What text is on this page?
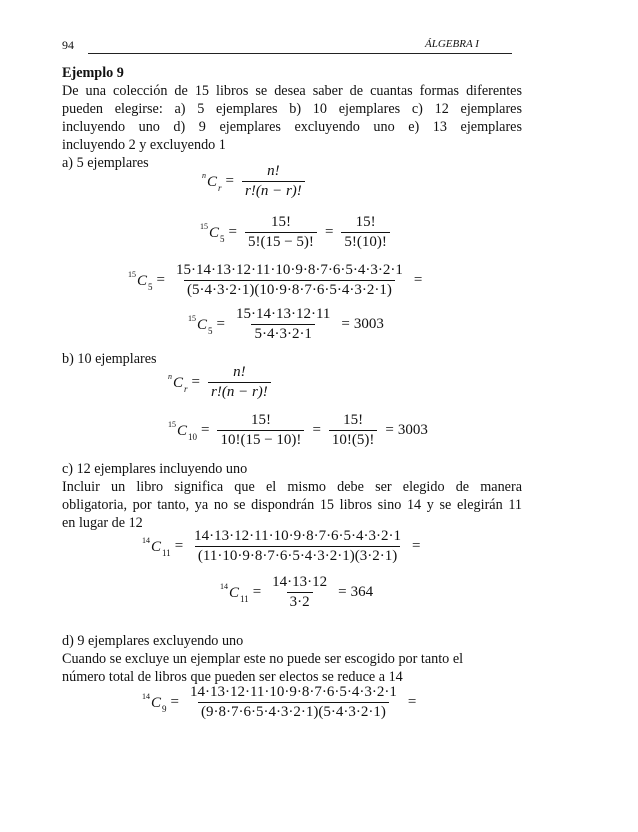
94	ÁLGEBRA I

Ejemplo 9

De una colección de 15 libros se desea saber de cuantas formas diferentes

pueden elegirse: a) 5 ejemplares b) 10 ejemplares c) 12 ejemplares

incluyendo uno d) 9 ejemplares excluyendo uno e) 13 ejemplares

incluyendo 2 y excluyendo 1

a) 5 ejemplares

$^nC_r = \frac{n!}{r!(n - r)!}$
$^{15}C_5 = \frac{15!}{5!(15 - 5)!} = \frac{15!}{5!(10)!}$
$^{15}C_5 = \frac{15\cdot 14\cdot 13\cdot 12\cdot 11\cdot 10\cdot 9\cdot 8\cdot 7\cdot 6\cdot 5\cdot 4\cdot 3\cdot 2\cdot 1}{(5\cdot 4\cdot 3\cdot 2\cdot 1)(10\cdot 9\cdot 8\cdot 7\cdot 6\cdot 5\cdot 4\cdot 3\cdot 2\cdot 1)}$ =
$^{15}C_5 = \frac{15\cdot 14\cdot 13\cdot 12\cdot 11}{5\cdot 4\cdot 3\cdot 2\cdot 1} = 3003$

b) 10 ejemplares

$^nC_r = \frac{n!}{r!(n - r)!}$
$^{15}C_{10} = \frac{15!}{10!(15 - 10)!} = \frac{15!}{10!(5)!} = 3003$

c) 12 ejemplares incluyendo uno

Incluir un libro significa que el mismo debe ser elegido de manera

obligatoria, por tanto, ya no se dispondrán 15 libros sino 14 y se elegirán 11

en lugar de 12

$^{14}C_{11} = \frac{14\cdot 13\cdot 12\cdot 11\cdot 10\cdot 9\cdot 8\cdot 7\cdot 6\cdot 5\cdot 4\cdot 3\cdot 2\cdot 1}{(11\cdot 10\cdot 9\cdot 8\cdot 7\cdot 6\cdot 5\cdot 4\cdot 3\cdot 2\cdot 1)(3\cdot 2\cdot 1)}$ =
$^{14}C_{11} = \frac{14\cdot 13\cdot 12}{3\cdot 2} = 364$

d) 9 ejemplares excluyendo uno

Cuando se excluye un ejemplar este no puede ser escogido por tanto el

número total de libros que pueden ser electos se reduce a 14

$^{14}C_9 = \frac{14\cdot 13\cdot 12\cdot 11\cdot 10\cdot 9\cdot 8\cdot 7\cdot 6\cdot 5\cdot 4\cdot 3\cdot 2\cdot 1}{(9\cdot 8\cdot 7\cdot 6\cdot 5\cdot 4\cdot 3\cdot 2\cdot 1)(5\cdot 4\cdot 3\cdot 2\cdot 1)}$ =
